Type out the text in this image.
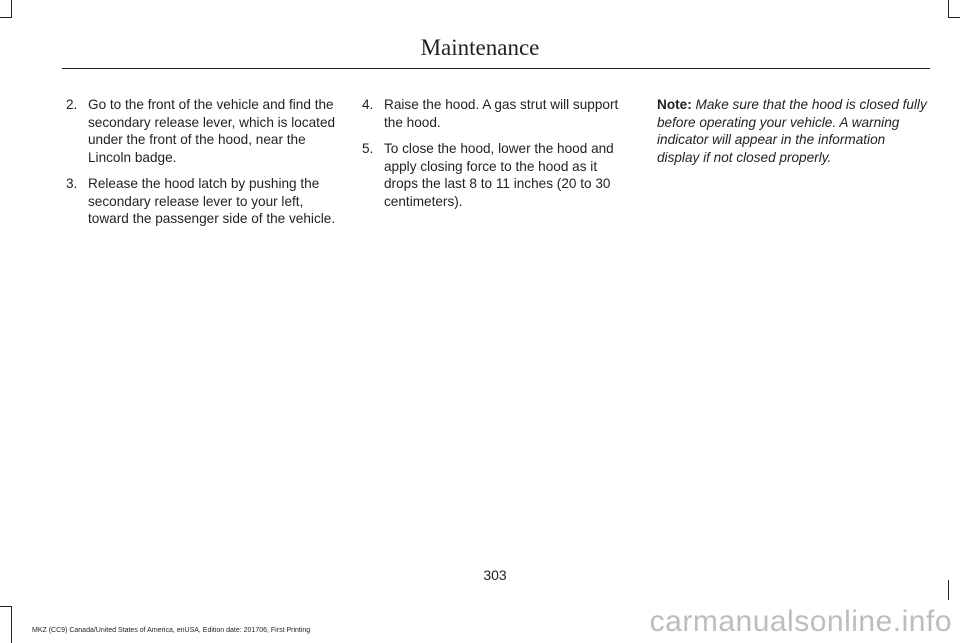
Maintenance
2. Go to the front of the vehicle and find the secondary release lever, which is located under the front of the hood, near the Lincoln badge.
3. Release the hood latch by pushing the secondary release lever to your left, toward the passenger side of the vehicle.
4. Raise the hood. A gas strut will support the hood.
5. To close the hood, lower the hood and apply closing force to the hood as it drops the last 8 to 11 inches (20 to 30 centimeters).
Note: Make sure that the hood is closed fully before operating your vehicle. A warning indicator will appear in the information display if not closed properly.
303
MKZ (CC9) Canada/United States of America, enUSA, Edition date: 201706, First Printing	carmanualsonline.info
